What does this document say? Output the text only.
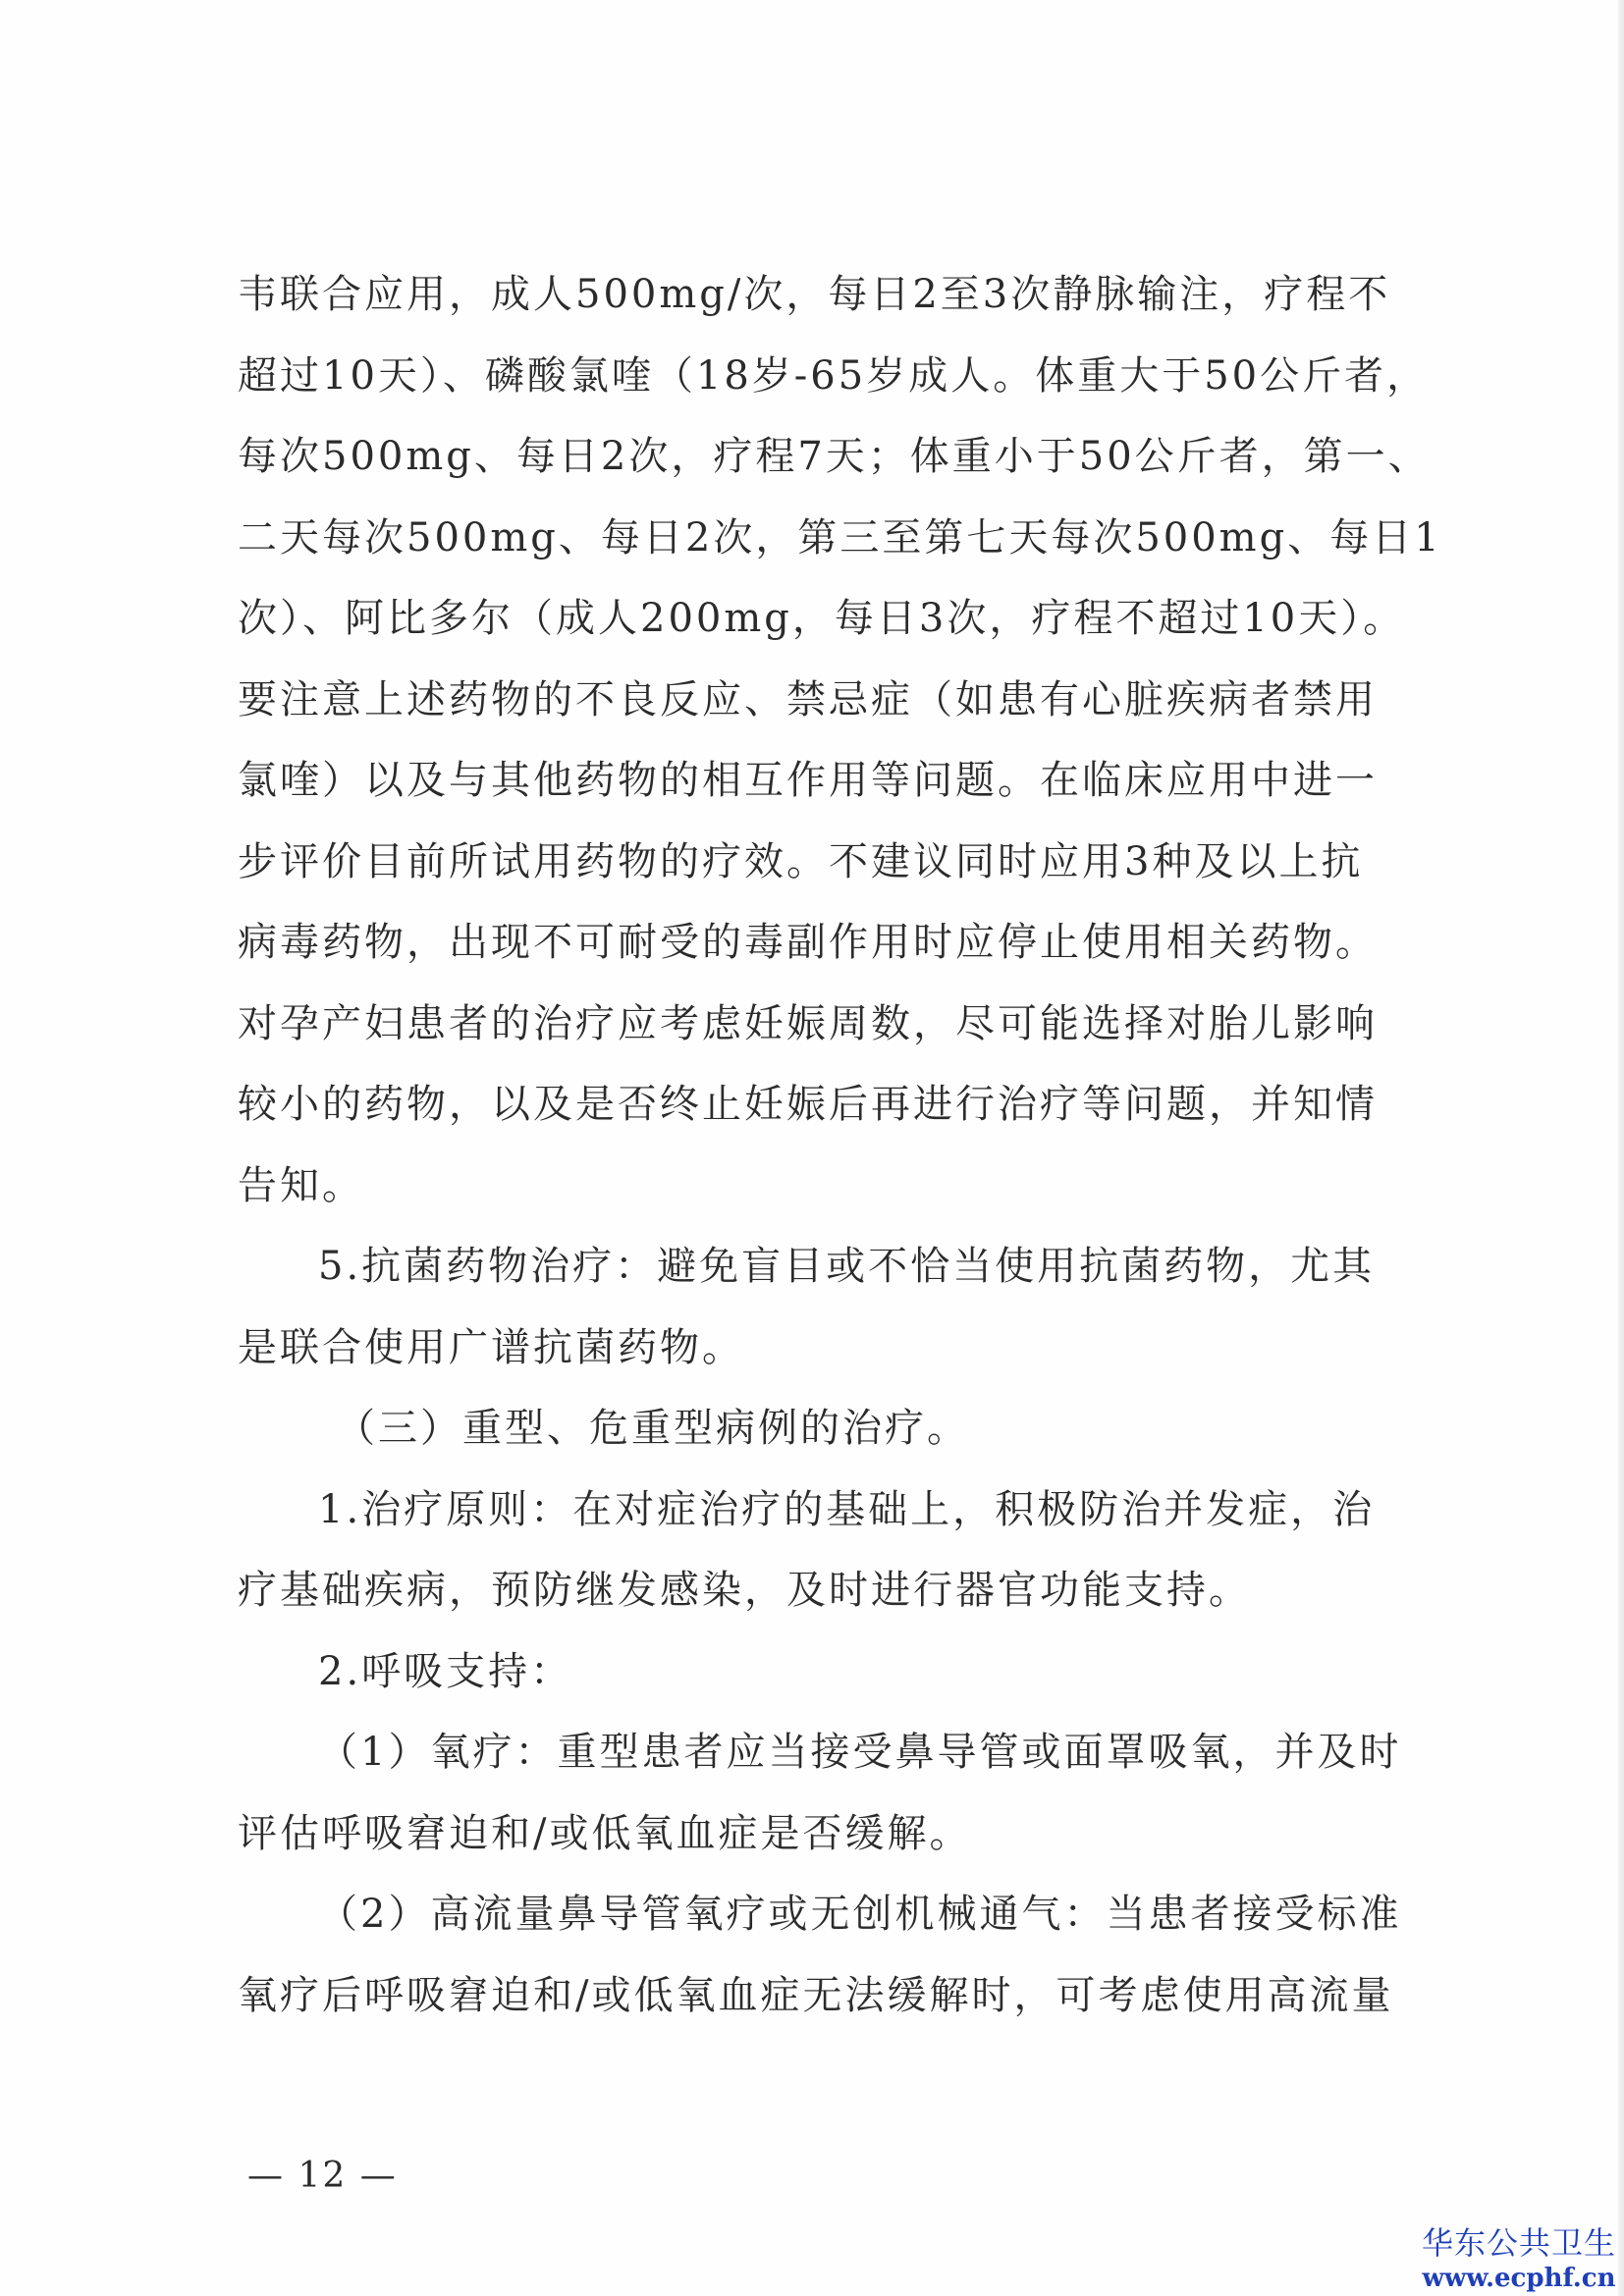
韦联合应用，成人500mg/次，每日2至3次静脉输注，疗程不

超过10天）、磷酸氯喹（18岁-65岁成人。体重大于50公斤者，

每次500mg、每日2次，疗程7天；体重小于50公斤者，第一、

二天每次500mg、每日2次，第三至第七天每次500mg、每日1

次）、阿比多尔（成人200mg，每日3次，疗程不超过10天）。

要注意上述药物的不良反应、禁忌症（如患有心脏疾病者禁用

氯喹）以及与其他药物的相互作用等问题。在临床应用中进一

步评价目前所试用药物的疗效。不建议同时应用3种及以上抗

病毒药物，出现不可耐受的毒副作用时应停止使用相关药物。

对孕产妇患者的治疗应考虑妊娠周数，尽可能选择对胎儿影响

较小的药物，以及是否终止妊娠后再进行治疗等问题，并知情

告知。

5.抗菌药物治疗：避免盲目或不恰当使用抗菌药物，尤其

是联合使用广谱抗菌药物。

（三）重型、危重型病例的治疗。

1.治疗原则：在对症治疗的基础上，积极防治并发症，治

疗基础疾病，预防继发感染，及时进行器官功能支持。

2.呼吸支持：

（1）氧疗：重型患者应当接受鼻导管或面罩吸氧，并及时

评估呼吸窘迫和/或低氧血症是否缓解。

（2）高流量鼻导管氧疗或无创机械通气：当患者接受标准

氧疗后呼吸窘迫和/或低氧血症无法缓解时，可考虑使用高流量

— 12 —
华东公共卫生
www.ecphf.cn
